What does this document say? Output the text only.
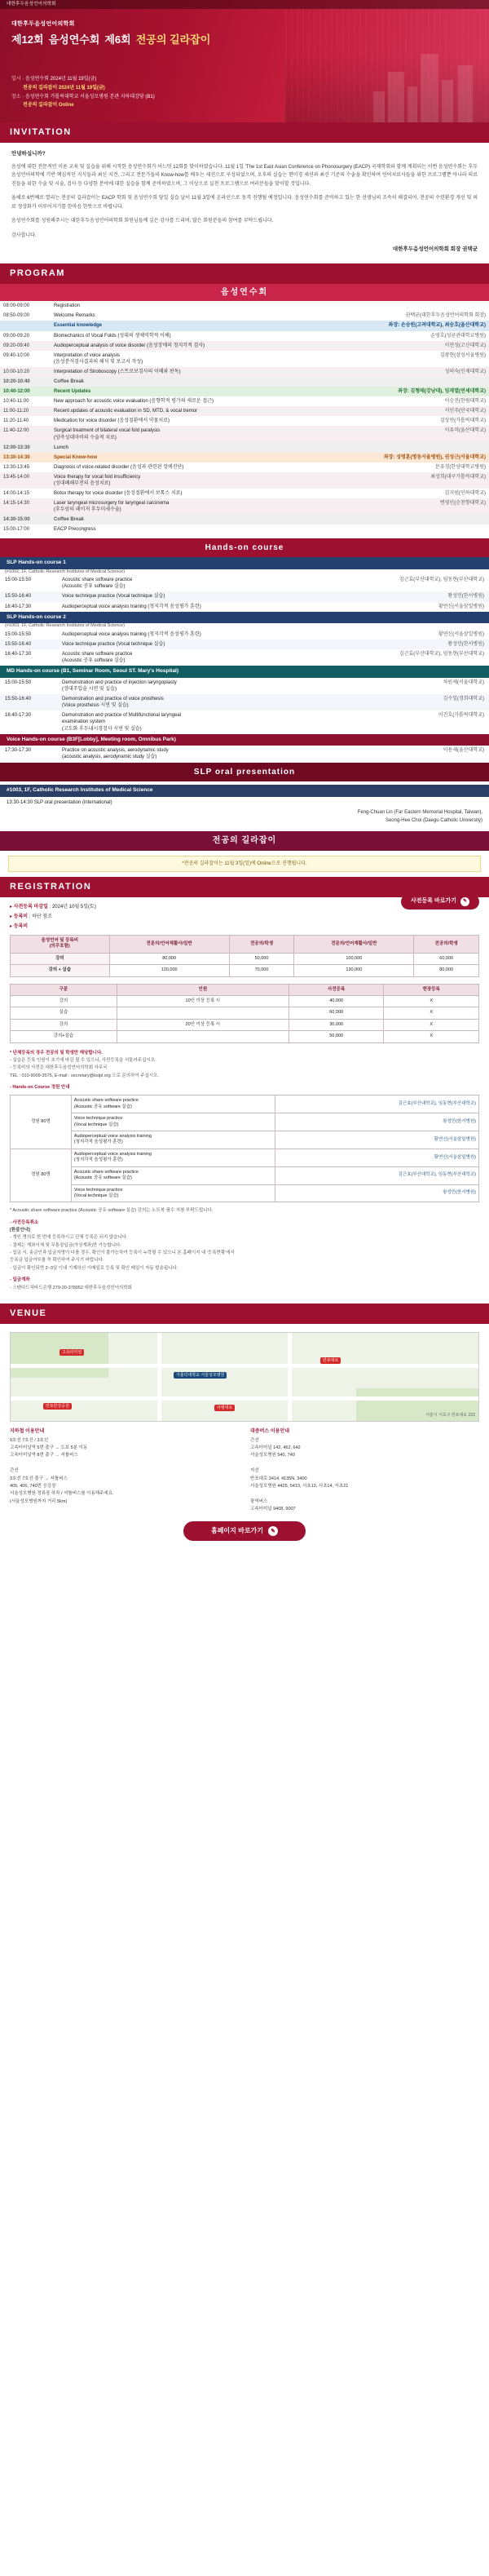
대한후두음성언어의학회
대한후두음성언어의학회
제12회 음성연수회 제6회 전공의 길라잡이
일시 · 음성연수회 2024년 11월 19일(금)
전공의 길라잡이 2024년 11월 19일(금)
장소 · 음성연수회 가톨릭대학교 서울성모병원 본관 지하대강당 (B1)
전공의 길라잡이 Online
INVITATION
안녕하십니까?
음성에 대한 전문적인 이론 교육 및 실습을 위해 시작한 음성연수회가 어느덧 12회를 맞이하였습니다. 11월 1일 'The 1st East Asian Conference on Phonosurgery (EACP) 국제학회와 함께 계획되는 이번 음성연수회는 후두음성언어의학에 기반 핵심적인 지식들과 최신 지견, 그리고 전문가들의 Know-how를 배우는 세션으로 구성되었으며, 오후의 실습는 현미경 세션과 최신 기준의 수술을 확인하여 언어치료사들을 위한 프로그램뿐 아니라 의료진들을 위한 수술 및 시술, 검사 등 다양한 분야에 대한 실습을 함께 준비하였으며, 그 이상으로 실천 프로그램으로 여러분들을 맞이할 것입니다.
올해로 6번째로 열리는 전공의 길라잡이는 EACP 학회 및 음성연수회 당일 실습 날이 11월 3일에 온라인으로 동격 진행될 예정입니다. 음성연수회를 준비하고 있는 한 선생님의 조속히 해결되어, 전공의 수련환경 개선 및 의료 정상화가 이루어지기를 한마음 한뜻으로 바랍니다.
음성연수회를 성원해주시는 대한후두음성언어의학회 회원님들께 깊은 감사를 드리며, 많은 회원분들의 참여를 부탁드립니다.
감사합니다.
대한후두음성언어의학회 회장 권택균
PROGRAM
음성연수회
08:00-09:00	Registration	
08:50-09:00	Welcome Remarks	권택균(대한후두음성언어의학회 회장)
	Essential knowledge	좌장: 손승원(고려대학교), 최승호(울산대학교)
09:00-09:20	Biomechanics of Vocal Folds (성대의 생체역학적 이해)	손영호(성균관대학교병원)
09:20-09:40	Audioperceptual analysis of voice disorder (음성장애의 청지각적 검사)	이연성(고신대학교)
09:40-10:00	Interpretation of voice analysis
(음성분석검사결과의 해석 및 보고서 작성)	김광현(삼성서울병원)
10:00-10:20	Interpretation of Stroboscopy (스트로보검사의 이해와 판독)	성의숙(인제대학교)
10:20-10:40	Coffee Break	
10:40-12:00	Recent Updates	좌장: 김형태(강남대), 임재열(연세대학교)
10:40-11:00	New approach for acoustic voice evaluation (음향학적 평가의 새로운 접근)	이승진(한림대학교)
11:00-11:20	Recent updates of acoustic evaluation in SD, MTD, & vocal tremor	서인주(단국대학교)
11:20-11:40	Medication for voice disorder (음성질환에서 약물치료)	김상연(가톨릭대학교)
11:40-12:00	Surgical treatment of bilateral vocal fold paralysis
(양측성대마비의 수술적 치료)	이유미(울산대학교)
12:00-13:30	Lunch	
13:30-14:30	Special Know-how	좌장: 성명훈(명동서울병원), 권성근(서울대학교)
13:30-13:45	Diagnosis of voice-related disorder (음성과 관련된 장애진단)	문유경(한양대학교병원)
13:45-14:00	Voice therapy for vocal fold insufficiency
(성대폐쇄부전의 음성치료)	최성희(대구가톨릭대학교)
14:00-14:15	Botox therapy for voice disorder (음성질환에서 보톡스 치료)	김지원(인하대학교)
14:15-14:30	Laser laryngeal microsurgery for laryngeal carcinoma
(후두암의 레이저 후두미세수술)	변영인(순천향대학교)
14:30-15:00	Coffee Break	
15:00-17:00	EACP Precongress	
Hands-on course
SLP Hands-on course 1
(#1002, 1F, Catholic Research Institutes of Medical Science)
15:00-15:50	Acoustic share software practice
(Acoustic 공유 software 실습)	김근효(부산대학교), 임동현(부산대학교)
15:50-16:40	Voice technique practice (Vocal technique 실습)	왕성민(한서병원)
16:40-17:30	Audioperceptual voice analysis training (청지각적 음성평가 훈련)	황연신(서울삼일병원)
SLP Hands-on course 2
(#1003, 1F, Catholic Research Institutes of Medical Science)
15:00-15:50	Audioperceptual voice analysis training (청지각적 음성평가 훈련)	황연신(서울삼일병원)
15:50-16:40	Voice technique practice (Vocal technique 실습)	왕성민(한서병원)
16:40-17:30	Acoustic share software practice
(Acoustic 공유 software 실습)	김근효(부산대학교), 임동현(부산대학교)
MD Hands-on course (B1, Seminar Room, Seoul ST. Mary's Hospital)
15:00-15:50	Demonstration and practice of injection laryngoplasty
(성대주입술 시연 및 실습)	차원제(서울대학교)
15:50-16:40	Demonstration and practice of voice prosthesis
(Voice prosthesis 시연 및 실습)	김수일(경희대학교)
16:40-17:30	Demonstration and practice of Multifunctional laryngeal
examination system
(고도화 후두내시경검사 시연 및 실습)	이진호(가톨릭대학교)
Voice Hands-on course (B3F[Lobby], Meeting room, Omnibus Park)
17:30-17:30	Practice on acoustic analysis, aerodynamic study
(acoustic analysis, aerodynamic study 실습)	이용세(울산대학교)
SLP oral presentation
#1003, 1F, Catholic Research Institutes of Medical Science
13:30-14:30 SLP oral presentation (international)
Feng-Chuan Lin (Far Eastern Memorial Hospital, Taiwan),
Seong-Hee Choi (Daegu Catholic University)
전공의 길라잡이
*전공의 길라잡이는 11월 3일(일)에 Online으로 진행됩니다.
REGISTRATION
사전등록 바로가기	✎
▸ 사전등록 마감일 : 2024년 10월 5일(토)
▸ 등록비 : 하단 참조
▸ 등록비
음성언어 및 등록비
(의무포함)	전문의/언어재활사/일반	전공의/학생	전문의/언어재활사/일반	전공의/학생
강의	80,000	50,000	100,000	60,000
강의 + 실습	120,000	70,000	130,000	80,000
구분	인원	사전등록	현장등록
강의	10인 이상 등록 시	40,000	X
실습		60,000	X
강의	20인 이상 등록 시	30,000	X
강의+실습		50,000	X
* 단체등록의 경우 전공의 및 학생만 해당합니다.
- 실습은 등록 인원이 초기에 마감 될 수 있으니, 사전등록을 서둘러주십시오.
- 등록비의 사전은 대한후두음성언어의학회 사무국
TEL : 010-9009-3575, E-mail : secretary@kslpl.org 으로 문의하여 주십시오.
- Hands-on Course 정원 안내
정원 80명	Acoustic share software practice
(Acoustic 공유 software 실습)	김근효(부산대학교), 임동현(부산대학교)
	Voice technique practice
(Vocal technique 실습)	왕성민(한서병원)
	Audioperceptual voice analysis training
(청지각적 음성평가 훈련)	황연신(서울삼일병원)
정원 80명	Audioperceptual voice analysis training
(청지각적 음성평가 훈련)	황연신(서울삼일병원)
	Acoustic share software practice
(Acoustic 공유 software 실습)	김근효(부산대학교), 임동현(부산대학교)
	Voice technique practice
(Vocal technique 실습)	왕성민(한서병원)
* Acoustic share software practice (Acoustic 공유 software 실습) 강의는 노트북 필수 지참 부탁드립니다.
- 사전등록취소
[환불안내]
- 개인 명의로 한 번에 등록하시고 단체 등록은 되지 않습니다.
- 결제는 계좌이체 및 무통장입금(가상계좌)만 가능합니다.
- 입금 시, 송금인과 입금자명이 다를 경우, 확인이 불가능하여 등록이 누락될 수 있으니 본 홈페이지 내 '등록현황'에서
등록금 입금여부를 꼭 확인하여 주시기 바랍니다.
- 입금이 확인되면 2~3일 이내 기재하신 이메일로 등록 및 확인 메일이 자동 발송됩니다.
- 입금계좌
- 스탠다드차타드은행 279-20-378052 대한후두음성언어의학회
VENUE
가톨릭대학교 서울성모병원
고속터미널
반포대로
사평대로
반포한강공원
서울시 서초구 반포대로 222
지하철 이용안내
9호선 7호선 / 3호선
고속터미널역 5번 출구 → 도보 5분 이동
고속터미널역 8번 출구 → 셔틀버스

간선
3호선 7호선 출구 → 셔틀버스
405, 406, 740번 승강장
서울성모병원 정류장 하차 / 셔틀버스를 이용해주세요.
(서울성모병원까지 거리 5km)
대중버스 이용안내
간선
고속터미널 142, 462, 642
서울성모병원 540, 740

지선
반포대로 3414, 4135N, 3400
서울성모병원 4425, 5413, 서초13, 서초14, 서초21

광역버스
고속터미널 9408, 9007
홈페이지 바로가기	✎
